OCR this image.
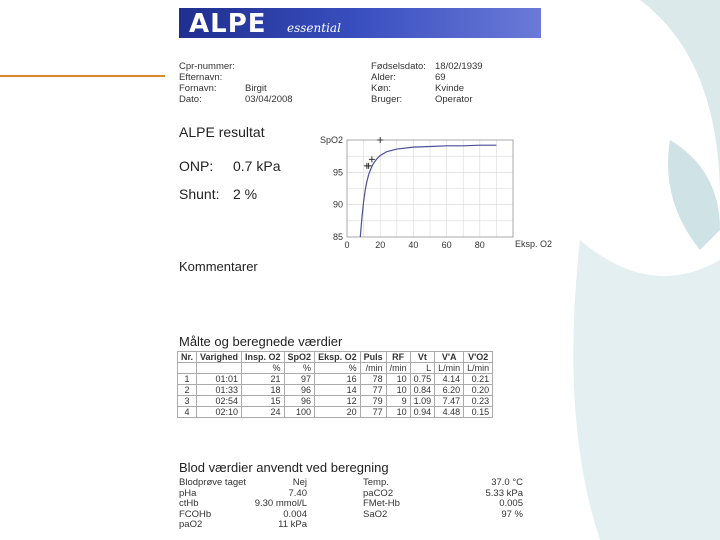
ALPE essential
Cpr-nummer:
Efternavn:
Fornavn:	Birgit
Dato:	03/04/2008
Fødselsdato: 18/02/1939
Alder:	69
Køn:	Kvinde
Bruger:	Operator
ALPE resultat
ONP: 0.7 kPa
Shunt: 2 %
0	20	40	60	80
85
90
95
SpO2
Eksp. O2
Kommentarer
Målte og beregnede værdier
Nr.	Varighed	Insp. O2	SpO2	Eksp. O2	Puls	RF	Vt	V'A	V'O2
		%	%	%	/min	/min	L	L/min	L/min
1	01:01	21	97	16	78	10	0.75	4.14	0.21
2	01:33	18	96	14	77	10	0.84	6.20	0.20
3	02:54	15	96	12	79	9	1.09	7.47	0.23
4	02:10	24	100	20	77	10	0.94	4.48	0.15
Blod værdier anvendt ved beregning
Blodprøve taget	Nej	Temp.	37.0 °C
pHa	7.40	paCO2	5.33 kPa
ctHb	9.30 mmol/L	FMet-Hb	0.005
FCOHb	0.004	SaO2	97 %
paO2	11 kPa
